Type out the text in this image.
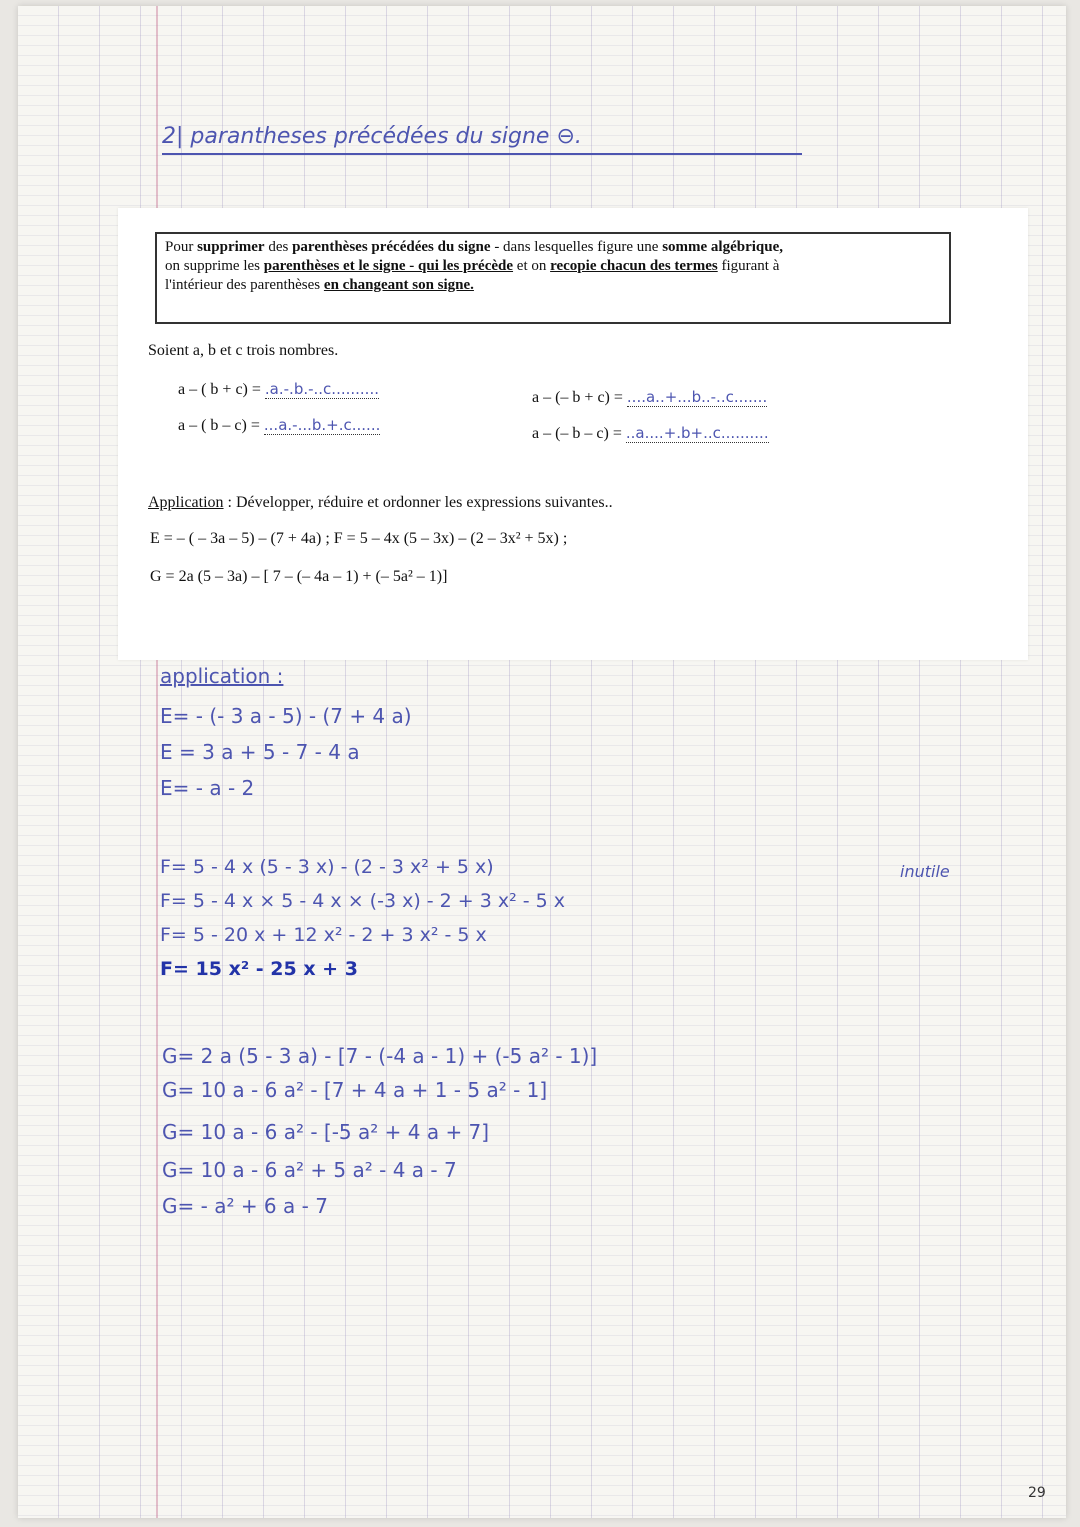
2| parantheses précédées du signe ⊖.
Pour supprimer des parenthèses précédées du signe - dans lesquelles figure une somme algébrique,
on supprime les parenthèses et le signe - qui les précède et on recopie chacun des termes figurant à
l'intérieur des parenthèses en changeant son signe.
Soient a, b et c trois nombres.
a – ( b + c) = .a.-.b.-..c..........
a – ( b – c) = ...a.-...b.+.c......
a – (– b + c) = ....a..+...b..-..c.......
a – (– b – c) = ..a....+.b+..c..........
Application : Développer, réduire et ordonner les expressions suivantes..
E = – ( – 3a – 5) – (7 + 4a) ; F = 5 – 4x (5 – 3x) – (2 – 3x² + 5x) ;
G = 2a (5 – 3a) – [ 7 – (– 4a – 1) + (– 5a² – 1)]
application :
E= - (- 3 a - 5) - (7 + 4 a)
E = 3 a + 5 - 7 - 4 a
E= - a - 2
F= 5 - 4 x (5 - 3 x) - (2 - 3 x² + 5 x)
F= 5 - 4 x × 5 - 4 x × (-3 x) - 2 + 3 x² - 5 x
F= 5 - 20 x + 12 x² - 2 + 3 x² - 5 x
F= 15 x² - 25 x + 3
inutile
G= 2 a (5 - 3 a) - [7 - (-4 a - 1) + (-5 a² - 1)]
G= 10 a - 6 a² - [7 + 4 a + 1 - 5 a² - 1]
G= 10 a - 6 a² - [-5 a² + 4 a + 7]
G= 10 a - 6 a² + 5 a² - 4 a - 7
G= - a² + 6 a - 7
29
